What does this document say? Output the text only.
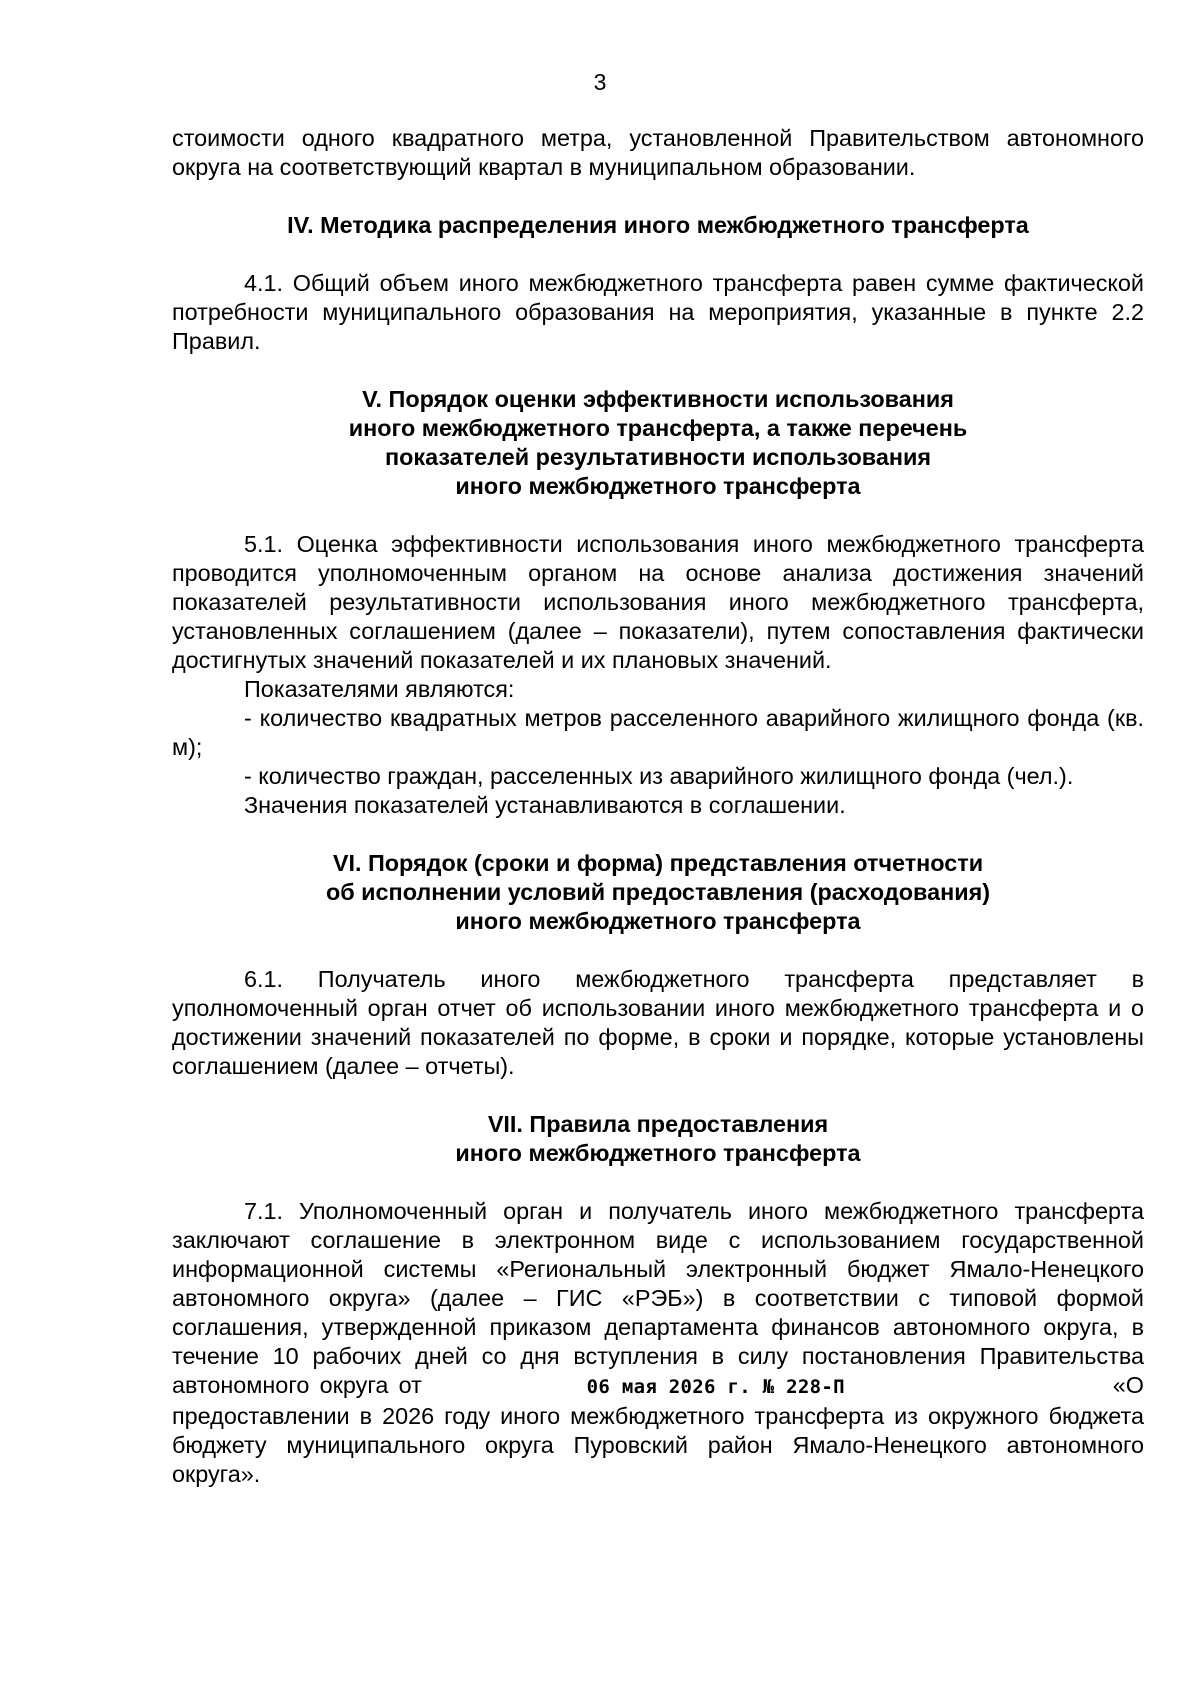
3

стоимости одного квадратного метра, установленной Правительством автономного округа на соответствующий квартал в муниципальном образовании.

IV. Методика распределения иного межбюджетного трансферта

4.1. Общий объем иного межбюджетного трансферта равен сумме фактической потребности муниципального образования на мероприятия, указанные в пункте 2.2 Правил.

V. Порядок оценки эффективности использования
иного межбюджетного трансферта, а также перечень
показателей результативности использования
иного межбюджетного трансферта

5.1. Оценка эффективности использования иного межбюджетного трансферта проводится уполномоченным органом на основе анализа достижения значений показателей результативности использования иного межбюджетного трансферта, установленных соглашением (далее – показатели), путем сопоставления фактически достигнутых значений показателей и их плановых значений.

Показателями являются:

- количество квадратных метров расселенного аварийного жилищного фонда (кв. м);

- количество граждан, расселенных из аварийного жилищного фонда (чел.).

Значения показателей устанавливаются в соглашении.

VI. Порядок (сроки и форма) представления отчетности
об исполнении условий предоставления (расходования)
иного межбюджетного трансферта

6.1. Получатель иного межбюджетного трансферта представляет в уполномоченный орган отчет об использовании иного межбюджетного трансферта и о достижении значений показателей по форме, в сроки и порядке, которые установлены соглашением (далее – отчеты).

VII. Правила предоставления
иного межбюджетного трансферта

7.1. Уполномоченный орган и получатель иного межбюджетного трансферта заключают соглашение в электронном виде с использованием государственной информационной системы «Региональный электронный бюджет Ямало-Ненецкого автономного округа» (далее – ГИС «РЭБ») в соответствии с типовой формой соглашения, утвержденной приказом департамента финансов автономного округа, в течение 10 рабочих дней со дня вступления в силу постановления Правительства автономного округа от	06 мая 2026 г. № 228-П	«О предоставлении в 2026 году иного межбюджетного трансферта из окружного бюджета бюджету муниципального округа Пуровский район Ямало-Ненецкого автономного округа».
